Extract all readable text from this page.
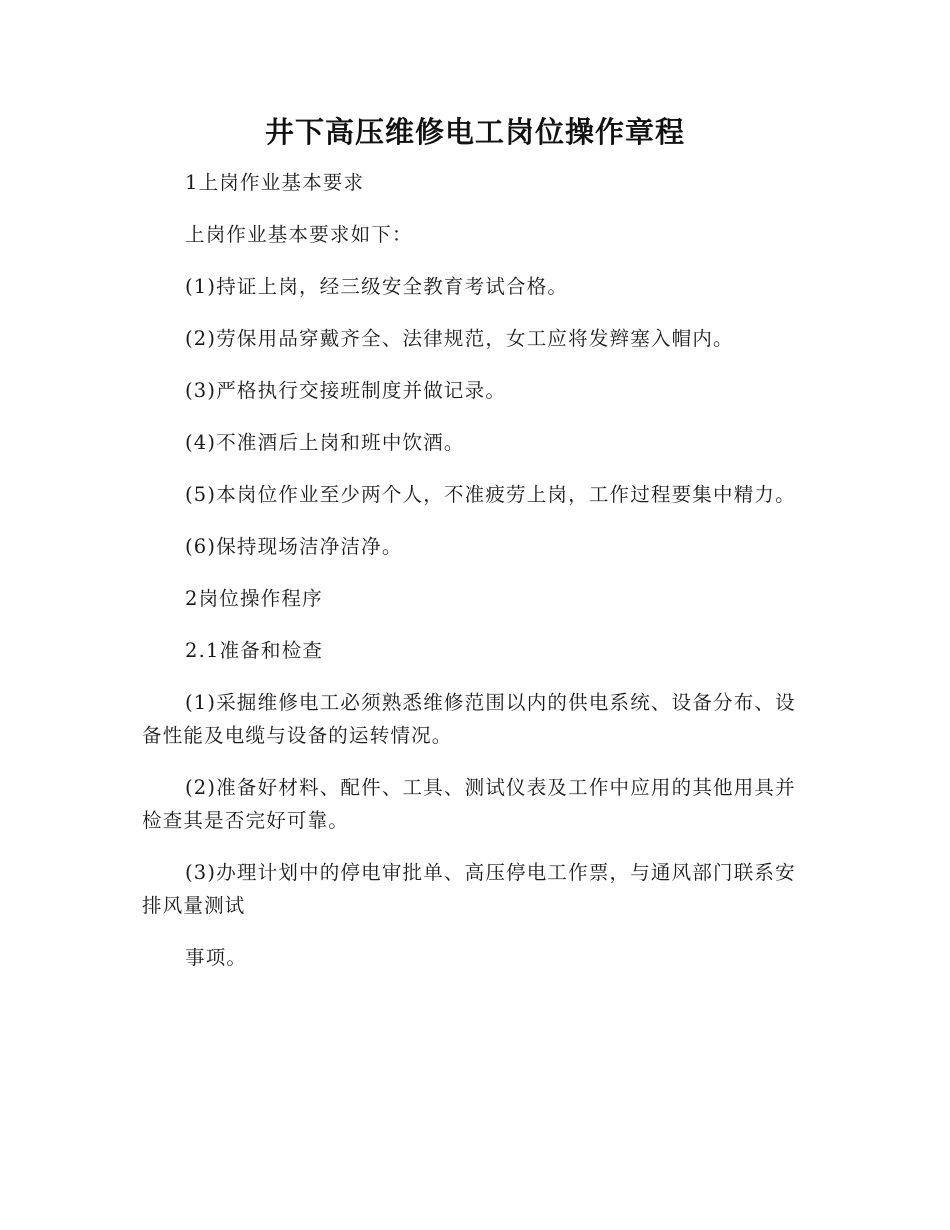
井下高压维修电工岗位操作章程

1上岗作业基本要求

上岗作业基本要求如下：

(1)持证上岗，经三级安全教育考试合格。

(2)劳保用品穿戴齐全、法律规范，女工应将发辫塞入帽内。

(3)严格执行交接班制度并做记录。

(4)不准酒后上岗和班中饮酒。

(5)本岗位作业至少两个人，不准疲劳上岗，工作过程要集中精力。

(6)保持现场洁净洁净。

2岗位操作程序

2.1准备和检查

(1)采掘维修电工必须熟悉维修范围以内的供电系统、设备分布、设备性能及电缆与设备的运转情况。

(2)准备好材料、配件、工具、测试仪表及工作中应用的其他用具并检查其是否完好可靠。

(3)办理计划中的停电审批单、高压停电工作票，与通风部门联系安排风量测试

事项。
